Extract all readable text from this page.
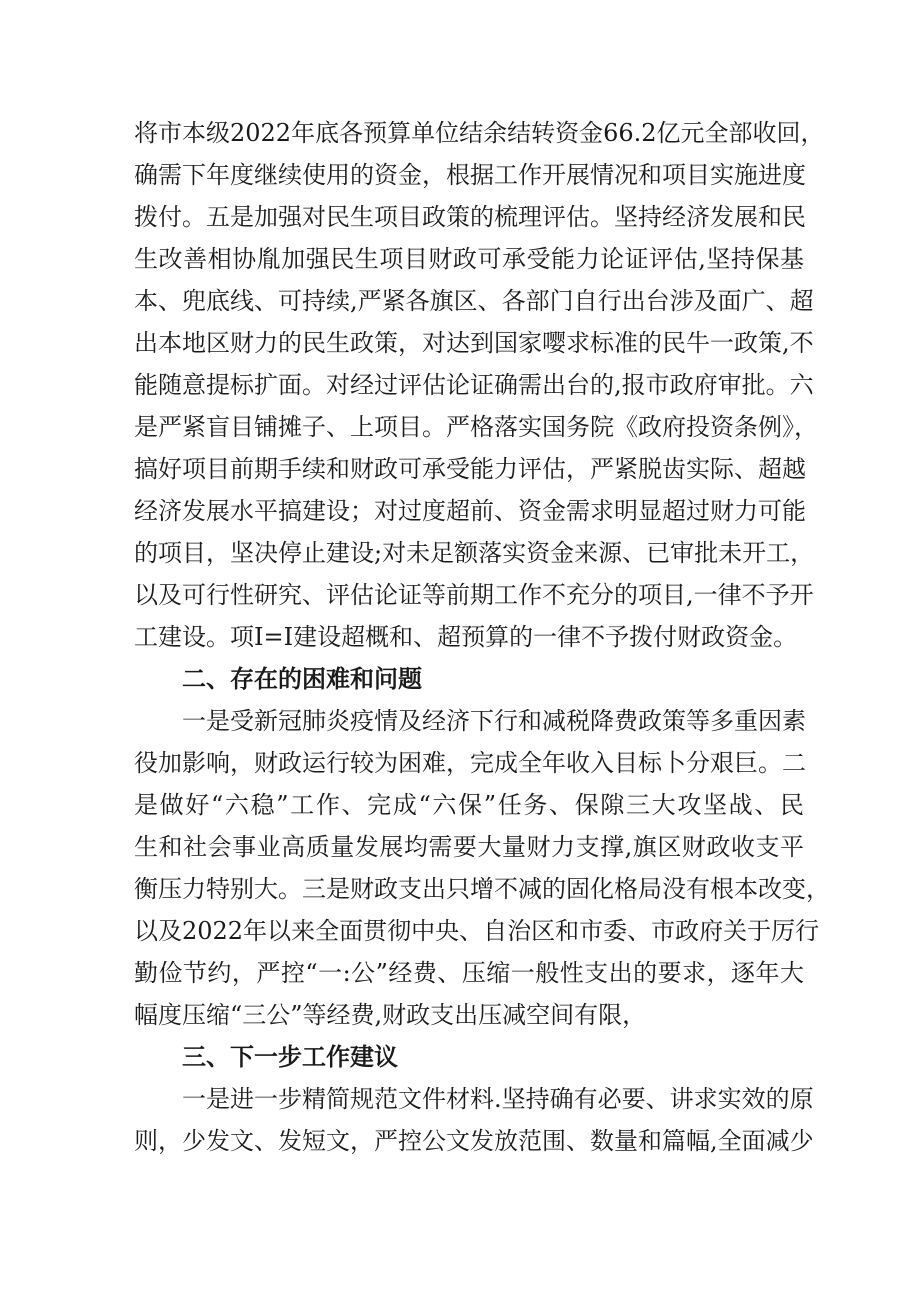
将市本级2022年底各预算单位结余结转资金66.2亿元全部收回，
确需下年度继续使用的资金，根据工作开展情况和项目实施进度
拨付。五是加强对民生项目政策的梳理评估。坚持经济发展和民
生改善相协胤加强民生项目财政可承受能力论证评估,坚持保基
本、兜底线、可持续,严紧各旗区、各部门自行出台涉及面广、超
出本地区财力的民生政策，对达到国家嘤求标准的民牛一政策,不
能随意提标扩面。对经过评估论证确需出台的,报市政府审批。六
是严紧盲目铺摊子、上项目。严格落实国务院《政府投资条例》，
搞好项目前期手续和财政可承受能力评估，严紧脱齿实际、超越
经济发展水平搞建设；对过度超前、资金需求明显超过财力可能
的项目，坚决停止建设;对未足额落实资金来源、已审批未开工，
以及可行性研究、评估论证等前期工作不充分的项目,一律不予开
工建设。项I=I建设超概和、超预算的一律不予拨付财政资金。
二、存在的困难和问题
一是受新冠肺炎疫情及经济下行和减税降费政策等多重因素
役加影响，财政运行较为困难，完成全年收入目标卜分艰巨。二
是做好“六稳”工作、完成“六保”任务、保隙三大攻坚战、民
生和社会事业高质量发展均需要大量财力支撑,旗区财政收支平
衡压力特别大。三是财政支出只增不减的固化格局没有根本改变，
以及2022年以来全面贯彻中央、自治区和市委、市政府关于厉行
勤俭节约，严控“一:公”经费、压缩一般性支出的要求，逐年大
幅度压缩“三公”等经费,财政支出压减空间有限，
三、下一步工作建议
一是进一步精简规范文件材料.坚持确有必要、讲求实效的原
则，少发文、发短文，严控公文发放范围、数量和篇幅,全面减少
